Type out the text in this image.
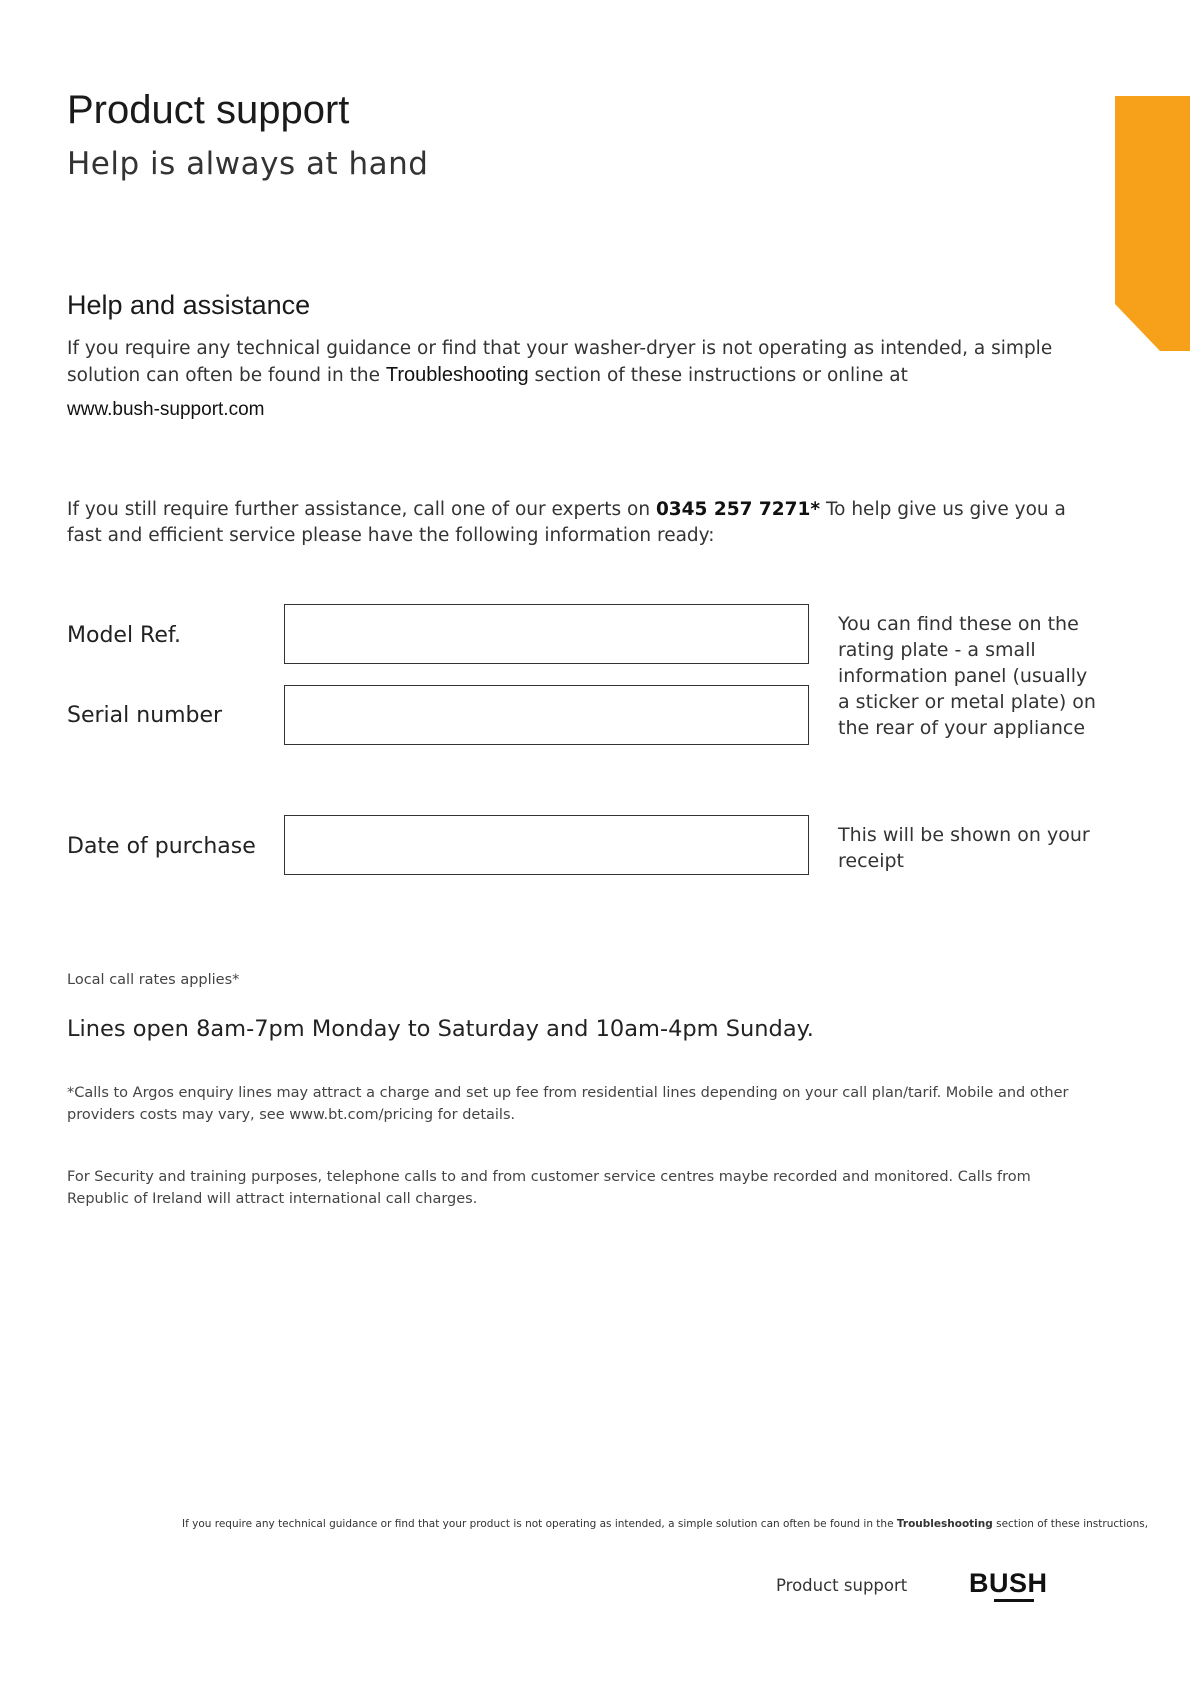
Product support
Help is always at hand
Help and assistance

If you require any technical guidance or find that your washer-dryer is not operating as intended, a simple solution can often be found in the Troubleshooting section of these instructions or online at

www.bush-support.com

If you still require further assistance, call one of our experts on 0345 257 7271* To help give us give you a fast and efficient service please have the following information ready:

Model Ref.
Serial number
You can find these on the rating plate - a small information panel (usually a sticker or metal plate) on the rear of your appliance
Date of purchase	This will be shown on your receipt
Local call rates applies*
Lines open 8am-7pm Monday to Saturday and 10am-4pm Sunday.

*Calls to Argos enquiry lines may attract a charge and set up fee from residential lines depending on your call plan/tarif. Mobile and other providers costs may vary, see www.bt.com/pricing for details.

For Security and training purposes, telephone calls to and from customer service centres maybe recorded and monitored. Calls from Republic of Ireland will attract international call charges.

If you require any technical guidance or find that your product is not operating as intended, a simple solution can often be found in the Troubleshooting section of these instructions,
Product support BUSH
